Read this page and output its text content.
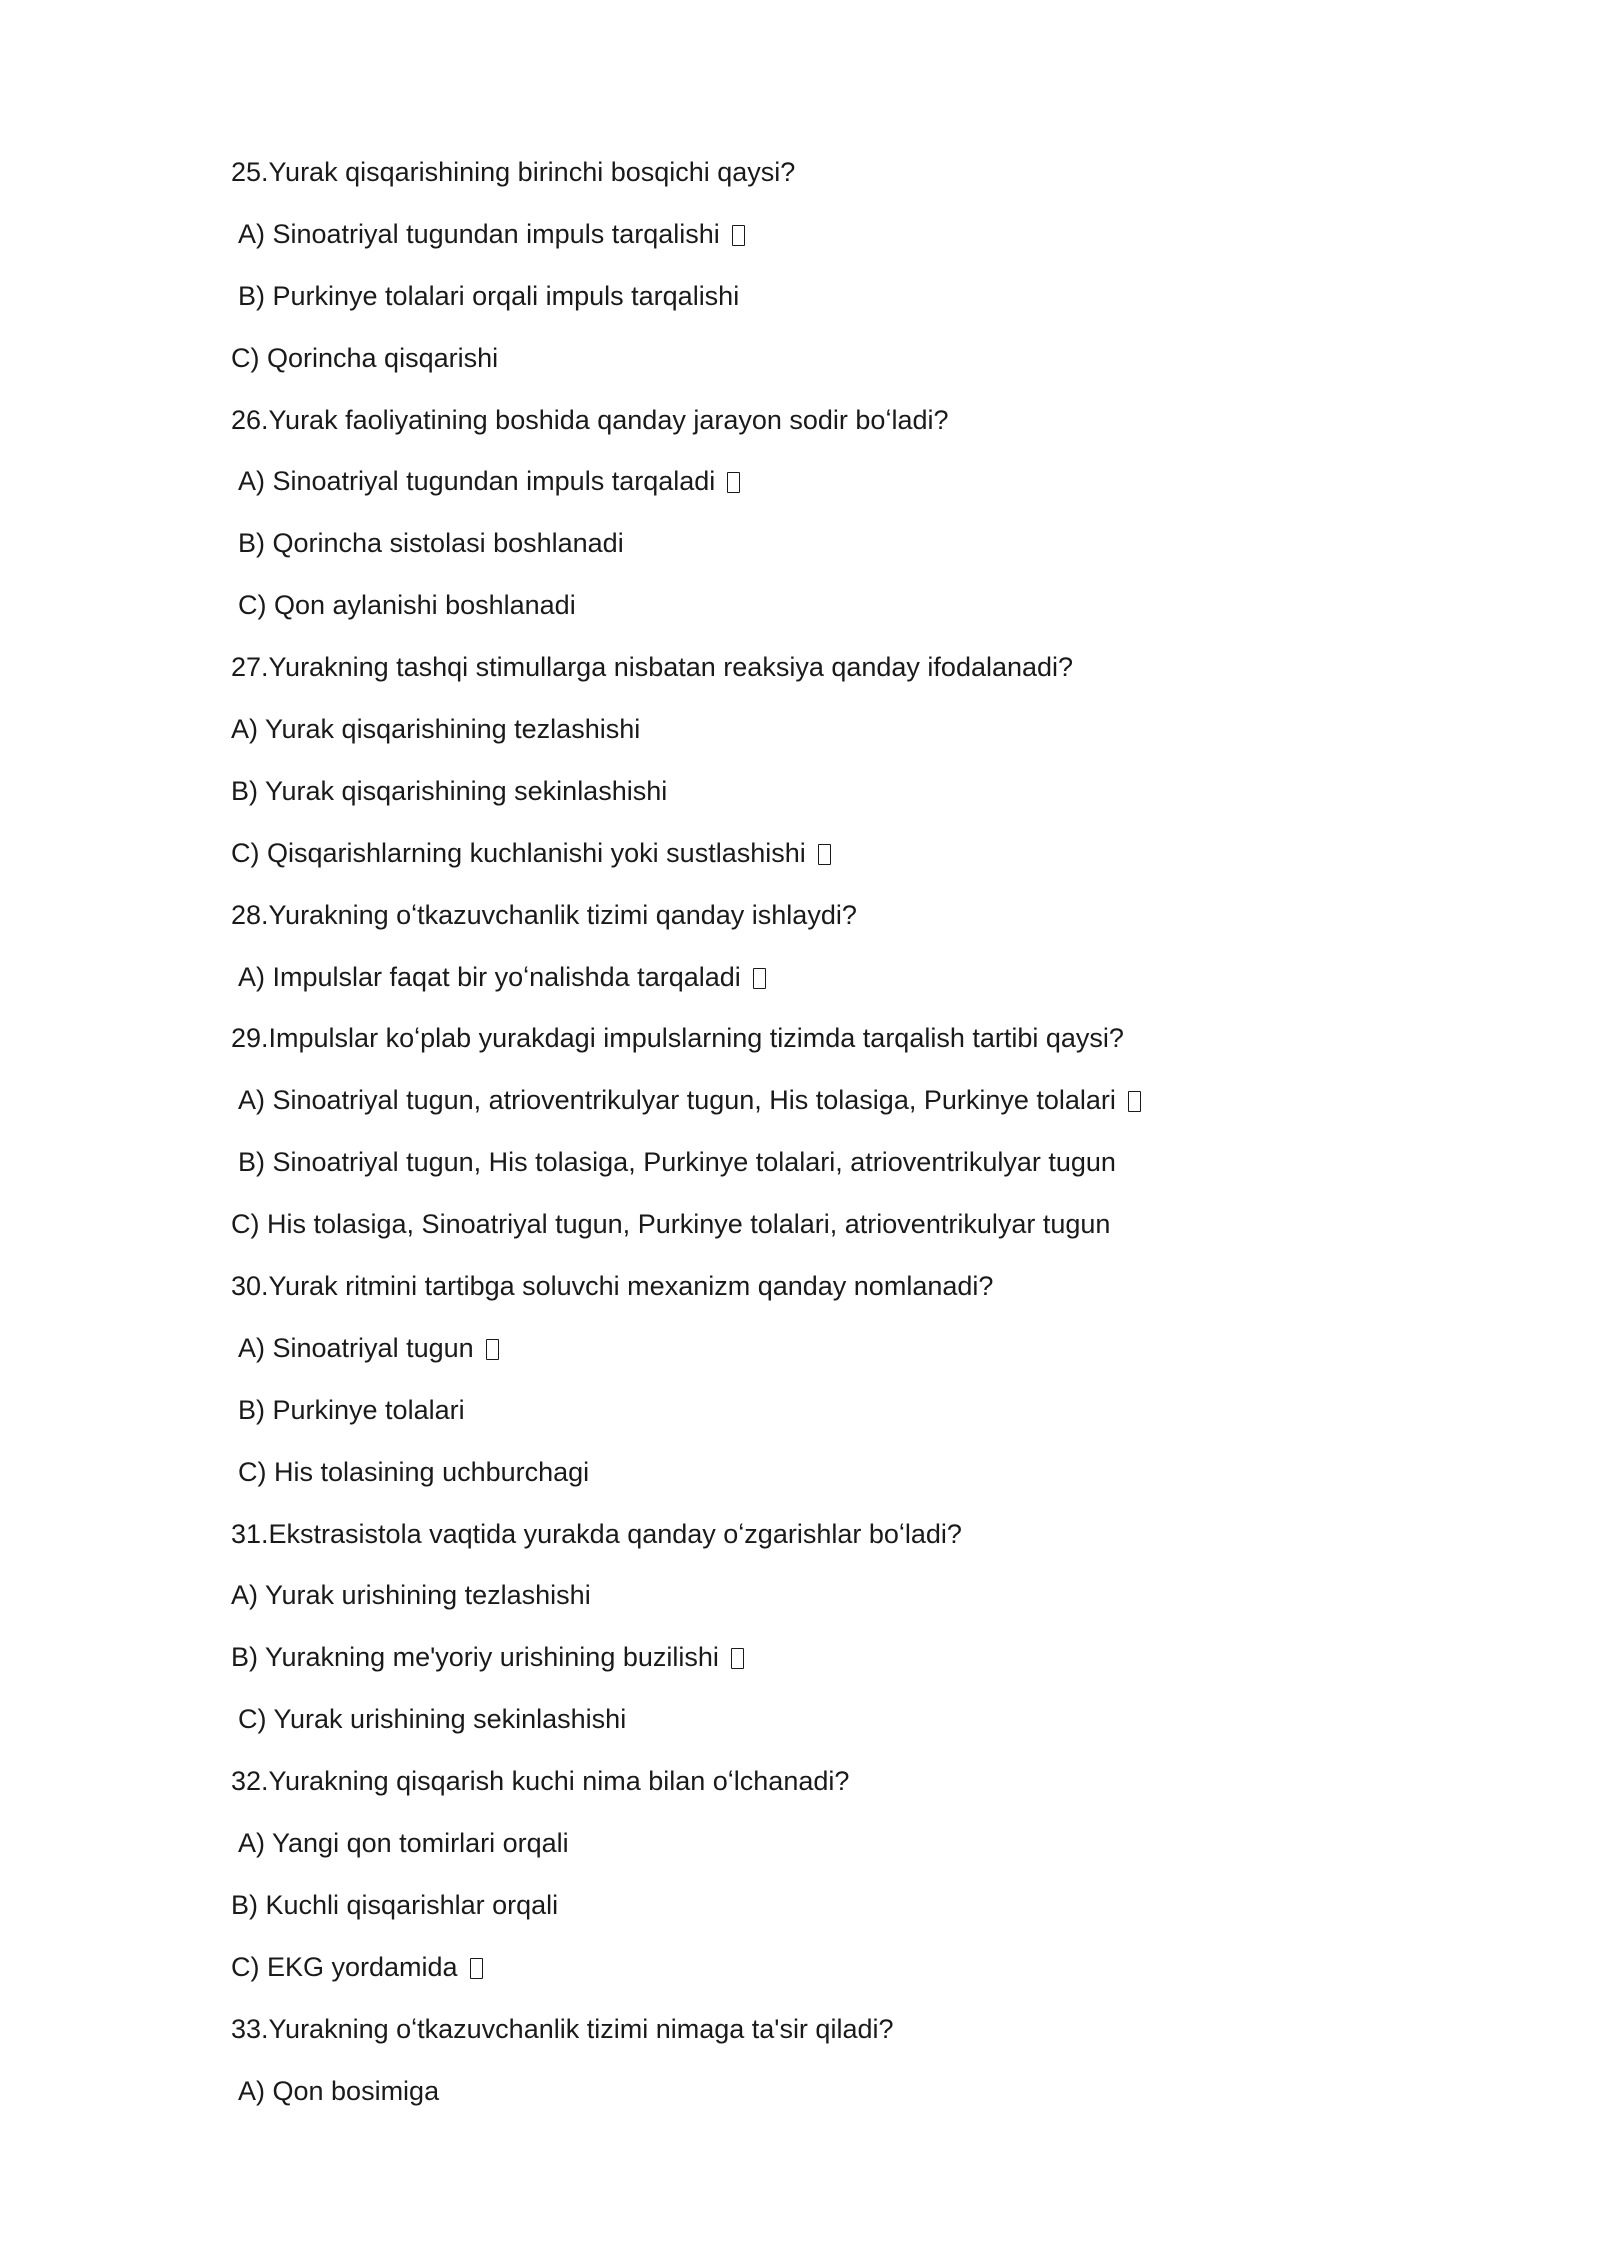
25.Yurak qisqarishining birinchi bosqichi qaysi?
A) Sinoatriyal tugundan impuls tarqalishi
B) Purkinye tolalari orqali impuls tarqalishi
C) Qorincha qisqarishi
26.Yurak faoliyatining boshida qanday jarayon sodir boʻladi?
A) Sinoatriyal tugundan impuls tarqaladi
B) Qorincha sistolasi boshlanadi
C) Qon aylanishi boshlanadi
27.Yurakning tashqi stimullarga nisbatan reaksiya qanday ifodalanadi?
A) Yurak qisqarishining tezlashishi
B) Yurak qisqarishining sekinlashishi
C) Qisqarishlarning kuchlanishi yoki sustlashishi
28.Yurakning oʻtkazuvchanlik tizimi qanday ishlaydi?
A) Impulslar faqat bir yoʻnalishda tarqaladi
29.Impulslar koʻplab yurakdagi impulslarning tizimda tarqalish tartibi qaysi?
A) Sinoatriyal tugun, atrioventrikulyar tugun, His tolasiga, Purkinye tolalari
B) Sinoatriyal tugun, His tolasiga, Purkinye tolalari, atrioventrikulyar tugun
C) His tolasiga, Sinoatriyal tugun, Purkinye tolalari, atrioventrikulyar tugun
30.Yurak ritmini tartibga soluvchi mexanizm qanday nomlanadi?
A) Sinoatriyal tugun
B) Purkinye tolalari
C) His tolasining uchburchagi
31.Ekstrasistola vaqtida yurakda qanday oʻzgarishlar boʻladi?
A) Yurak urishining tezlashishi
B) Yurakning me'yoriy urishining buzilishi
C) Yurak urishining sekinlashishi
32.Yurakning qisqarish kuchi nima bilan oʻlchanadi?
A) Yangi qon tomirlari orqali
B) Kuchli qisqarishlar orqali
C) EKG yordamida
33.Yurakning oʻtkazuvchanlik tizimi nimaga ta'sir qiladi?
A) Qon bosimiga
